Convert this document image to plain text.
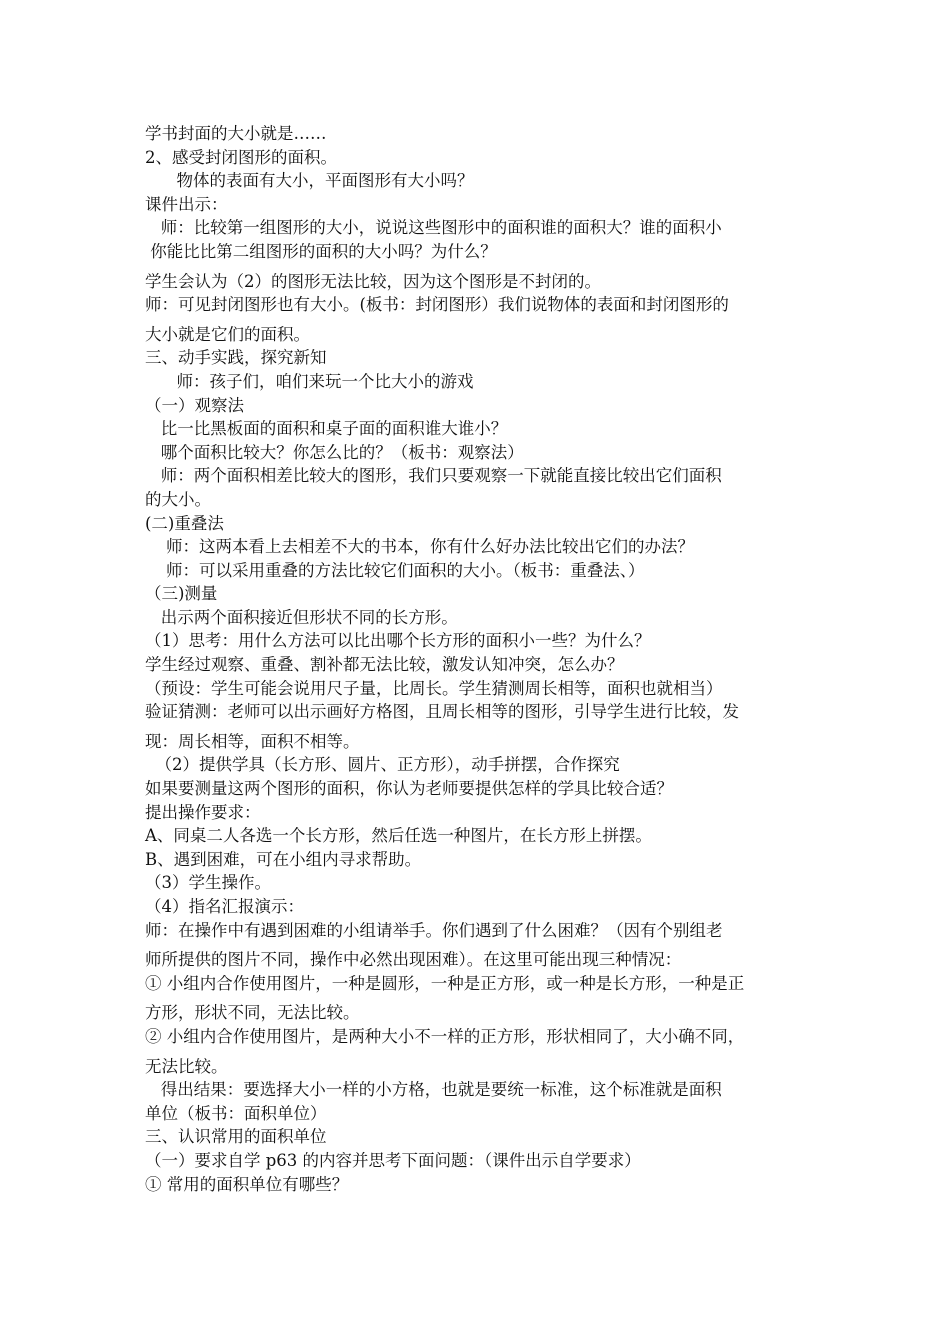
学书封面的大小就是……
2、感受封闭图形的面积。
物体的表面有大小，平面图形有大小吗？
课件出示：
师：比较第一组图形的大小，说说这些图形中的面积谁的面积大？谁的面积小
你能比比第二组图形的面积的大小吗？为什么？
学生会认为（2）的图形无法比较，因为这个图形是不封闭的。
师：可见封闭图形也有大小。(板书：封闭图形）我们说物体的表面和封闭图形的
大小就是它们的面积。
三、动手实践，探究新知
师：孩子们，咱们来玩一个比大小的游戏
（一）观察法
比一比黑板面的面积和桌子面的面积谁大谁小？
哪个面积比较大？你怎么比的？（板书：观察法）
师：两个面积相差比较大的图形，我们只要观察一下就能直接比较出它们面积
的大小。
(二)重叠法
师：这两本看上去相差不大的书本，你有什么好办法比较出它们的办法？
师：可以采用重叠的方法比较它们面积的大小。（板书：重叠法、）
（三)测量
出示两个面积接近但形状不同的长方形。
（1）思考：用什么方法可以比出哪个长方形的面积小一些？为什么？
学生经过观察、重叠、割补都无法比较，激发认知冲突，怎么办？
（预设：学生可能会说用尺子量，比周长。学生猜测周长相等，面积也就相当）
验证猜测：老师可以出示画好方格图，且周长相等的图形，引导学生进行比较，发
现：周长相等，面积不相等。
（2）提供学具（长方形、圆片、正方形），动手拼摆，合作探究
如果要测量这两个图形的面积，你认为老师要提供怎样的学具比较合适？
提出操作要求：
A、同桌二人各选一个长方形，然后任选一种图片，在长方形上拼摆。
B、遇到困难，可在小组内寻求帮助。
（3）学生操作。
（4）指名汇报演示：
师：在操作中有遇到困难的小组请举手。你们遇到了什么困难？（因有个别组老
师所提供的图片不同，操作中必然出现困难）。在这里可能出现三种情况：
① 小组内合作使用图片，一种是圆形，一种是正方形，或一种是长方形，一种是正
方形，形状不同，无法比较。
② 小组内合作使用图片，是两种大小不一样的正方形，形状相同了，大小确不同，
无法比较。
得出结果：要选择大小一样的小方格，也就是要统一标准，这个标准就是面积
单位（板书：面积单位）
三、认识常用的面积单位
（一）要求自学 p63 的内容并思考下面问题：（课件出示自学要求）
① 常用的面积单位有哪些？
